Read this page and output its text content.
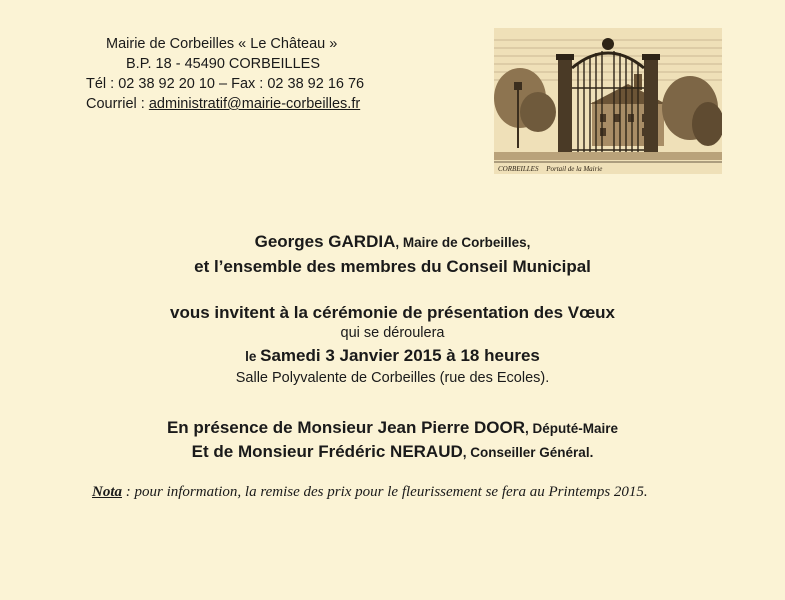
Mairie de Corbeilles « Le Château »
B.P. 18 - 45490 CORBEILLES
Tél : 02 38 92 20 10 – Fax : 02 38 92 16 76
Courriel : administratif@mairie-corbeilles.fr
CORBEILLES Portail de la Mairie
Georges GARDIA, Maire de Corbeilles,
et l’ensemble des membres du Conseil Municipal
vous invitent à la cérémonie de présentation des Vœux
qui se déroulera
le Samedi 3 Janvier 2015 à 18 heures
Salle Polyvalente de Corbeilles (rue des Ecoles).
En présence de Monsieur Jean Pierre DOOR, Député-Maire
Et de Monsieur Frédéric NERAUD, Conseiller Général.
Nota : pour information, la remise des prix pour le fleurissement se fera au Printemps 2015.
